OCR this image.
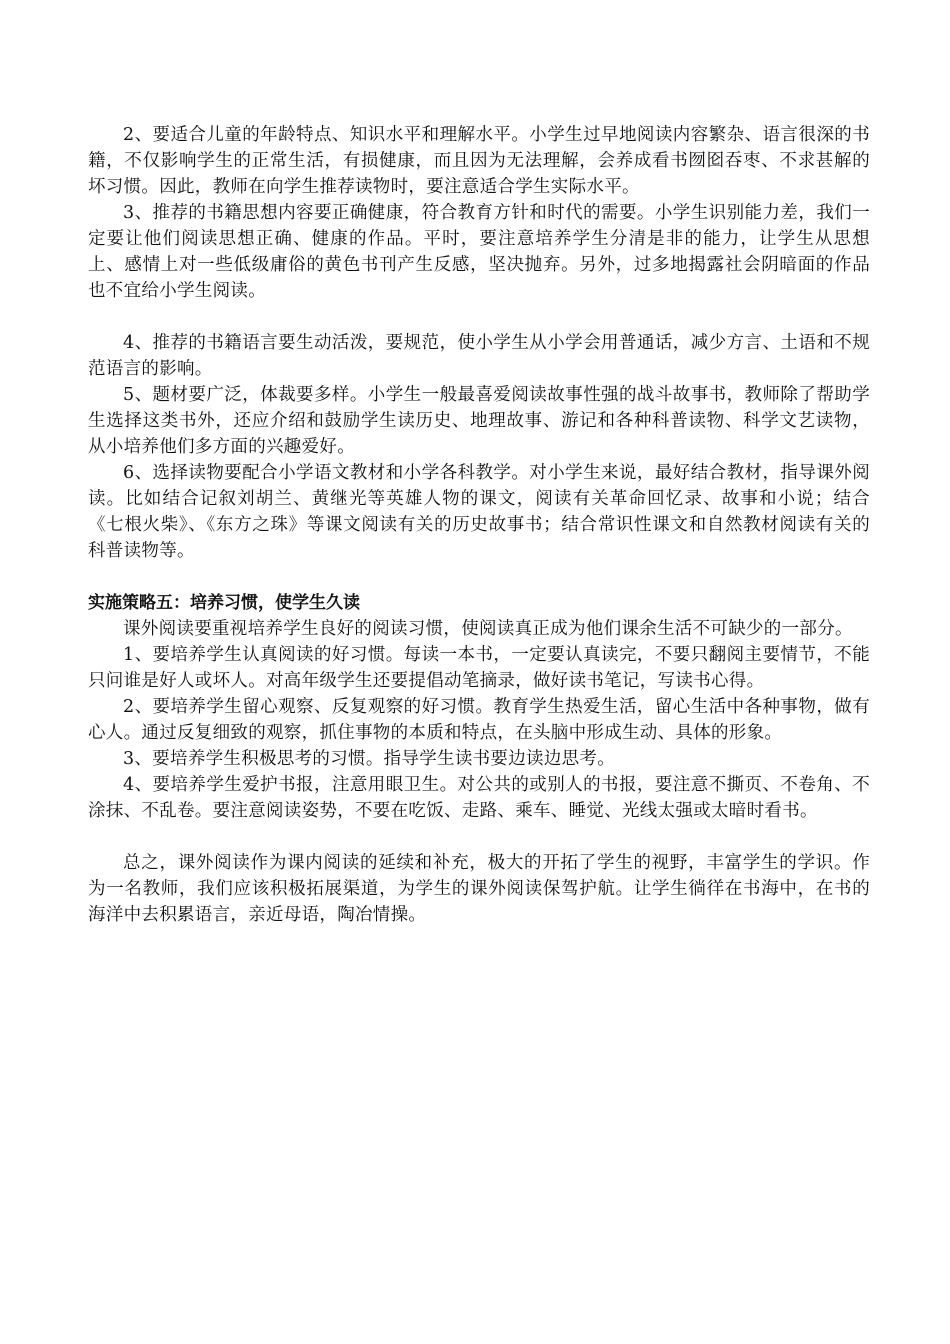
2、要适合儿童的年龄特点、知识水平和理解水平。小学生过早地阅读内容繁杂、语言很深的书籍，不仅影响学生的正常生活，有损健康，而且因为无法理解，会养成看书囫囵吞枣、不求甚解的坏习惯。因此，教师在向学生推荐读物时，要注意适合学生实际水平。

3、推荐的书籍思想内容要正确健康，符合教育方针和时代的需要。小学生识别能力差，我们一定要让他们阅读思想正确、健康的作品。平时，要注意培养学生分清是非的能力，让学生从思想上、感情上对一些低级庸俗的黄色书刊产生反感，坚决抛弃。另外，过多地揭露社会阴暗面的作品也不宜给小学生阅读。

4、推荐的书籍语言要生动活泼，要规范，使小学生从小学会用普通话，减少方言、土语和不规范语言的影响。

5、题材要广泛，体裁要多样。小学生一般最喜爱阅读故事性强的战斗故事书，教师除了帮助学生选择这类书外，还应介绍和鼓励学生读历史、地理故事、游记和各种科普读物、科学文艺读物，从小培养他们多方面的兴趣爱好。

6、选择读物要配合小学语文教材和小学各科教学。对小学生来说，最好结合教材，指导课外阅读。比如结合记叙刘胡兰、黄继光等英雄人物的课文，阅读有关革命回忆录、故事和小说；结合《七根火柴》、《东方之珠》等课文阅读有关的历史故事书；结合常识性课文和自然教材阅读有关的科普读物等。

实施策略五：培养习惯，使学生久读

课外阅读要重视培养学生良好的阅读习惯，使阅读真正成为他们课余生活不可缺少的一部分。

1、要培养学生认真阅读的好习惯。每读一本书，一定要认真读完，不要只翻阅主要情节，不能只问谁是好人或坏人。对高年级学生还要提倡动笔摘录，做好读书笔记，写读书心得。

2、要培养学生留心观察、反复观察的好习惯。教育学生热爱生活，留心生活中各种事物，做有心人。通过反复细致的观察，抓住事物的本质和特点，在头脑中形成生动、具体的形象。

3、要培养学生积极思考的习惯。指导学生读书要边读边思考。

4、要培养学生爱护书报，注意用眼卫生。对公共的或别人的书报，要注意不撕页、不卷角、不涂抹、不乱卷。要注意阅读姿势，不要在吃饭、走路、乘车、睡觉、光线太强或太暗时看书。

总之，课外阅读作为课内阅读的延续和补充，极大的开拓了学生的视野，丰富学生的学识。作为一名教师，我们应该积极拓展渠道，为学生的课外阅读保驾护航。让学生徜徉在书海中，在书的海洋中去积累语言，亲近母语，陶冶情操。
